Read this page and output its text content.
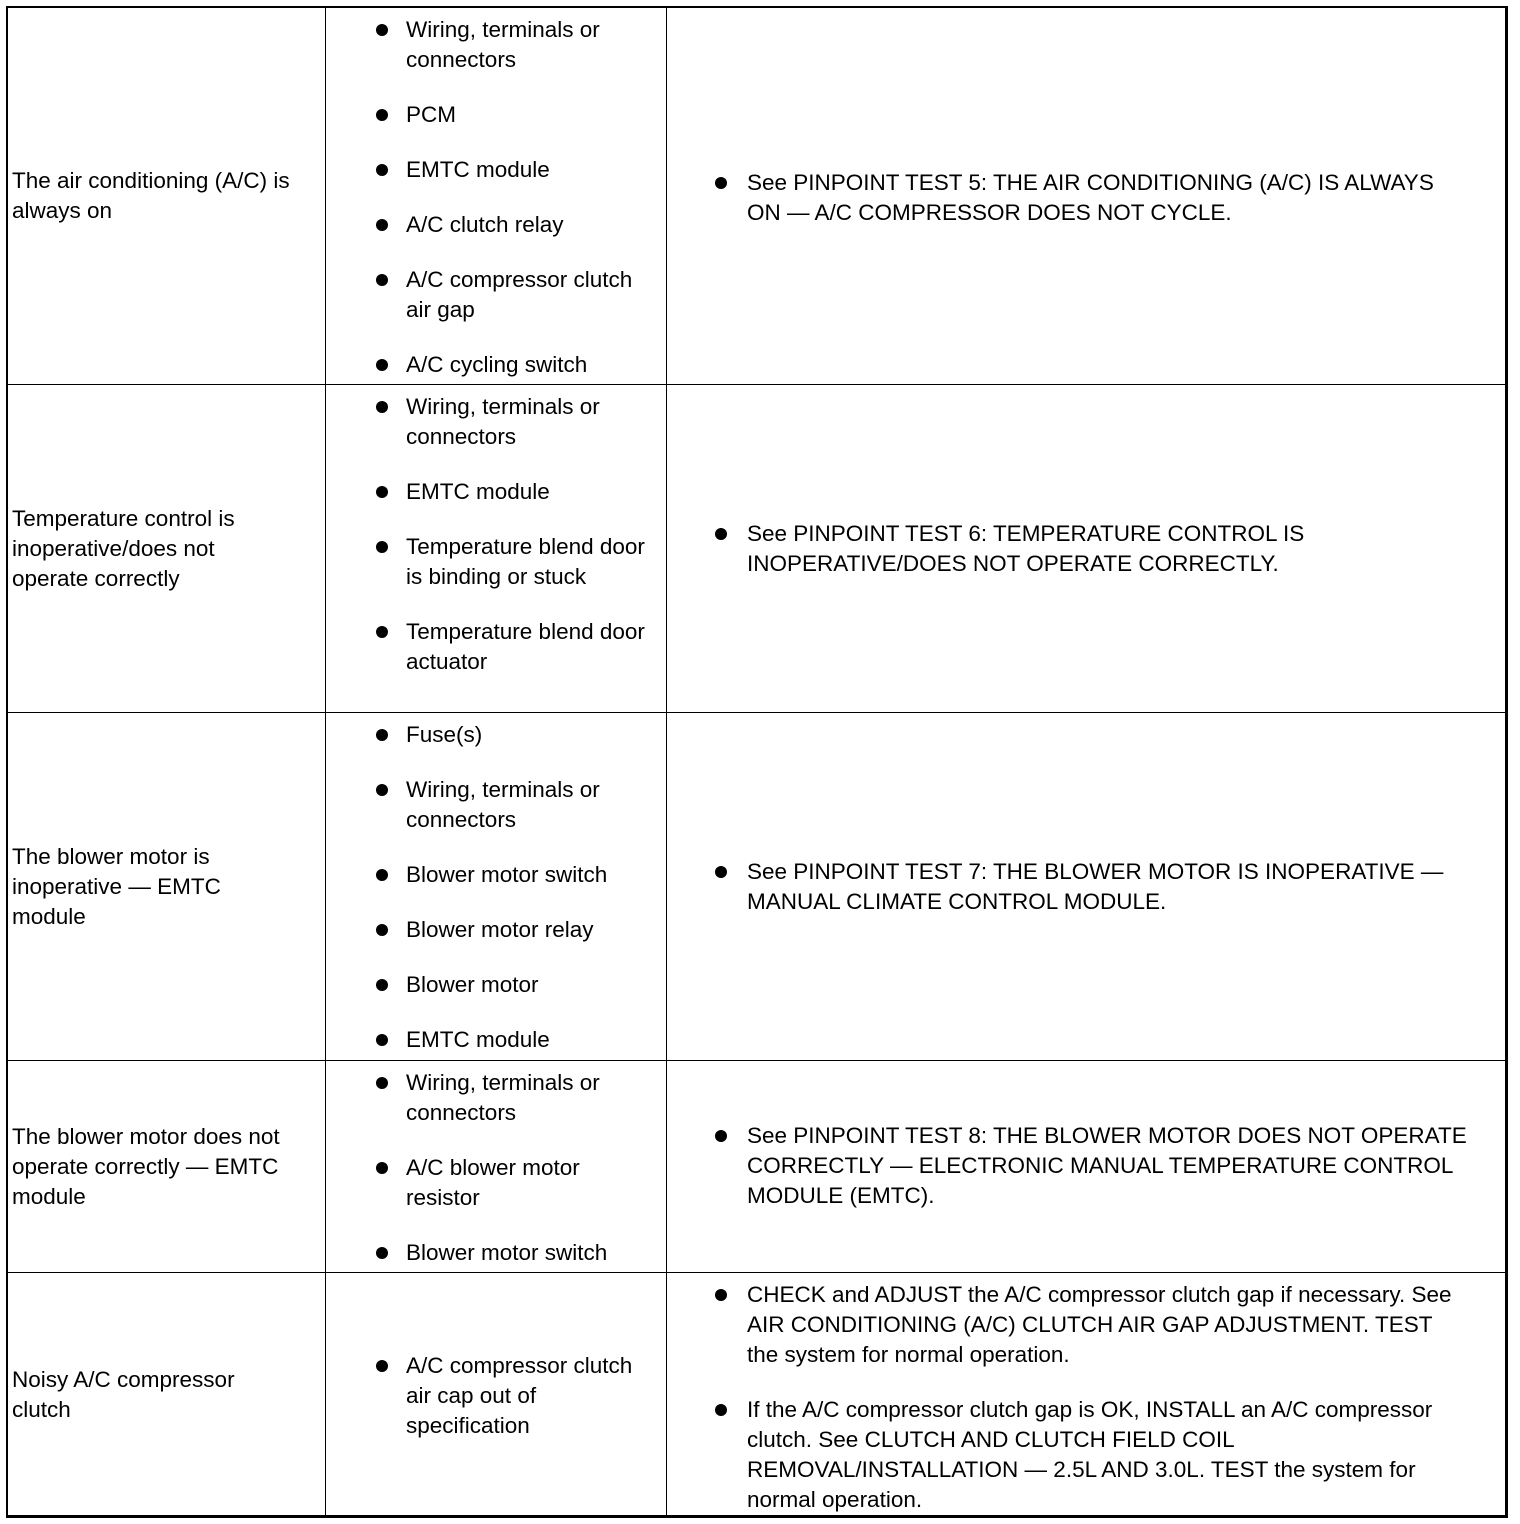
The air conditioning (A/C) is always on
Wiring, terminals or connectors
PCM
EMTC module
A/C clutch relay
A/C compressor clutch air gap
A/C cycling switch
See PINPOINT TEST 5: THE AIR CONDITIONING (A/C) IS ALWAYS ON — A/C COMPRESSOR DOES NOT CYCLE.
Temperature control is inoperative/does not operate correctly
Wiring, terminals or connectors
EMTC module
Temperature blend door is binding or stuck
Temperature blend door actuator
See PINPOINT TEST 6: TEMPERATURE CONTROL IS INOPERATIVE/DOES NOT OPERATE CORRECTLY.
The blower motor is inoperative — EMTC module
Fuse(s)
Wiring, terminals or connectors
Blower motor switch
Blower motor relay
Blower motor
EMTC module
See PINPOINT TEST 7: THE BLOWER MOTOR IS INOPERATIVE — MANUAL CLIMATE CONTROL MODULE.
The blower motor does not operate correctly — EMTC module
Wiring, terminals or connectors
A/C blower motor resistor
Blower motor switch
See PINPOINT TEST 8: THE BLOWER MOTOR DOES NOT OPERATE CORRECTLY — ELECTRONIC MANUAL TEMPERATURE CONTROL MODULE (EMTC).
Noisy A/C compressor clutch
A/C compressor clutch air cap out of specification
CHECK and ADJUST the A/C compressor clutch gap if necessary. See AIR CONDITIONING (A/C) CLUTCH AIR GAP ADJUSTMENT. TEST the system for normal operation.
If the A/C compressor clutch gap is OK, INSTALL an A/C compressor clutch. See CLUTCH AND CLUTCH FIELD COIL REMOVAL/INSTALLATION — 2.5L AND 3.0L. TEST the system for normal operation.
